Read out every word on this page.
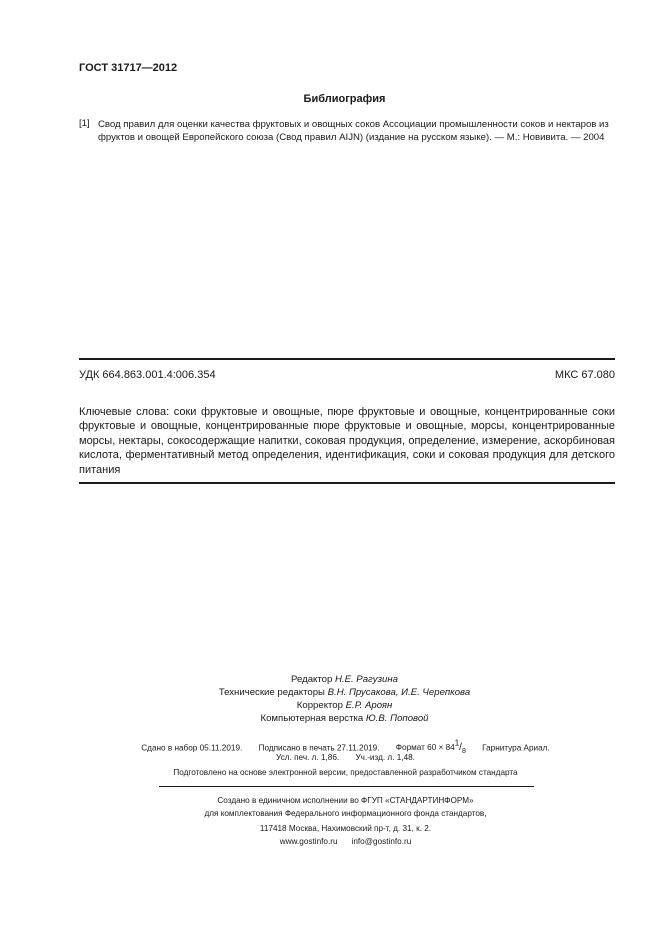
ГОСТ 31717—2012
Библиография
[1] Свод правил для оценки качества фруктовых и овощных соков Ассоциации промышленности соков и нектаров из фруктов и овощей Европейского союза (Свод правил AIJN) (издание на русском языке). — М.: Новивита. — 2004
УДК 664.863.001.4:006.354	МКС 67.080
Ключевые слова: соки фруктовые и овощные, пюре фруктовые и овощные, концентрированные соки фруктовые и овощные, концентрированные пюре фруктовые и овощные, морсы, концентрированные морсы, нектары, сокосодержащие напитки, соковая продукция, определение, измерение, аскорбиновая кислота, ферментативный метод определения, идентификация, соки и соковая продукция для детского питания
Редактор Н.Е. Рагузина
Технические редакторы В.Н. Прусакова, И.Е. Черепкова
Корректор Е.Р. Ароян
Компьютерная верстка Ю.В. Поповой
Сдано в набор 05.11.2019. Подписано в печать 27.11.2019. Формат $60 \times 84^1/_8$ Гарнитура Ариал.
Усл. печ. л. 1,86. Уч.-изд. л. 1,48.
Подготовлено на основе электронной версии, предоставленной разработчиком стандарта
Создано в единичном исполнении во ФГУП «СТАНДАРТИНФОРМ»
для комплектования Федерального информационного фонда стандартов,
117418 Москва, Нахимовский пр-т, д. 31, к. 2.
www.gostinfo.ru info@gostinfo.ru
